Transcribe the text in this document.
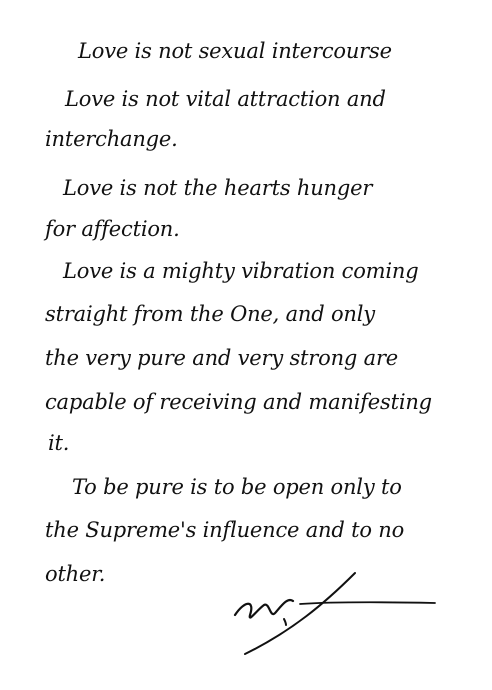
Love is not sexual intercourse

Love is not vital attraction and

interchange.

Love is not the hearts hunger

for affection.

Love is a mighty vibration coming

straight from the One, and only

the very pure and very strong are

capable of receiving and manifesting

it.

To be pure is to be open only to

the Supreme's influence and to no

other.
